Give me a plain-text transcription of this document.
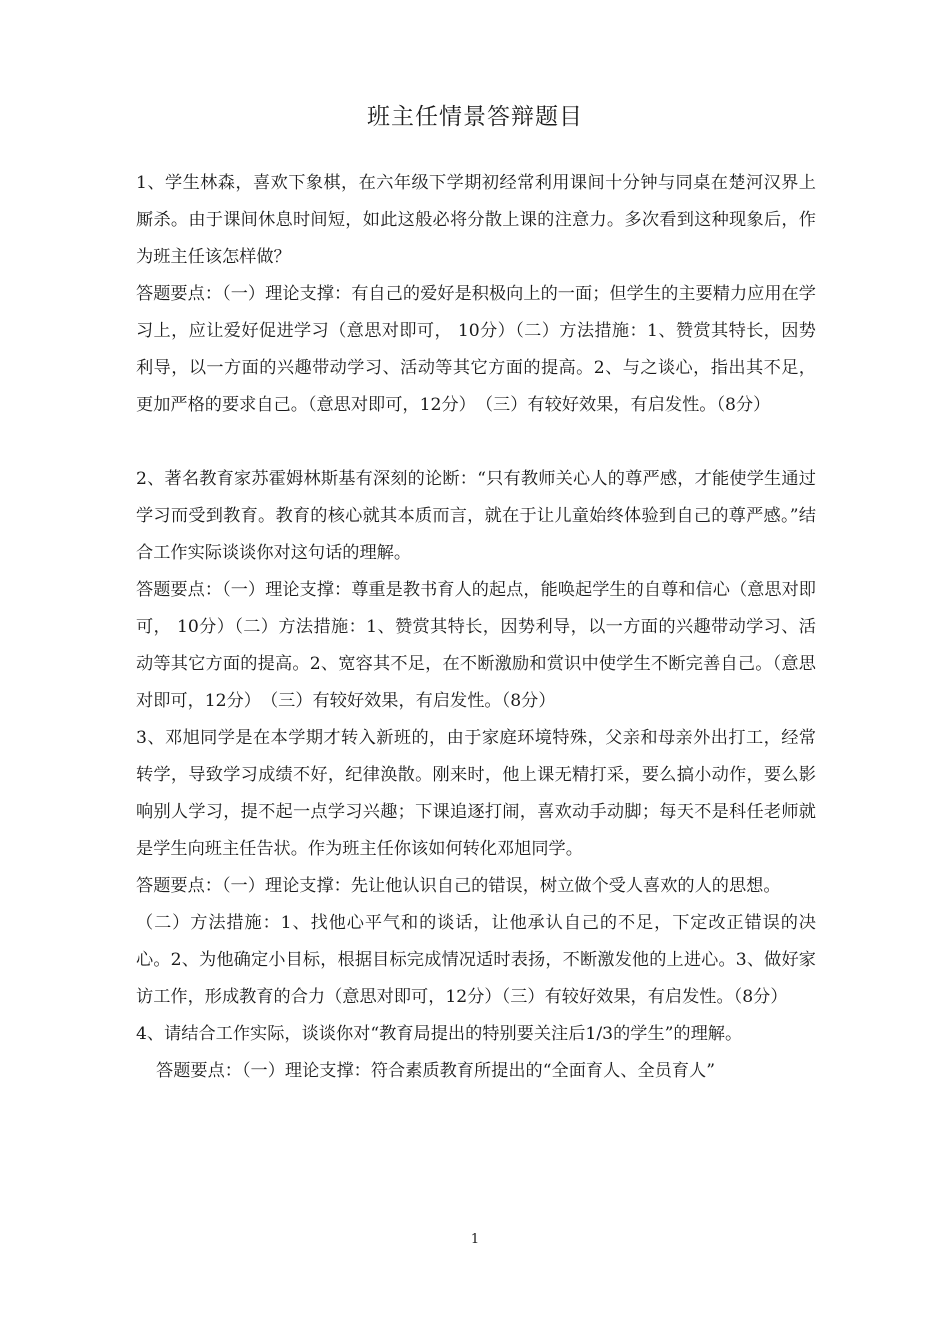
班主任情景答辩题目

1、学生林森，喜欢下象棋，在六年级下学期初经常利用课间十分钟与同桌在楚河汉界上厮杀。由于课间休息时间短，如此这般必将分散上课的注意力。多次看到这种现象后，作为班主任该怎样做？

答题要点：（一）理论支撑：有自己的爱好是积极向上的一面；但学生的主要精力应用在学习上，应让爱好促进学习（意思对即可， 10分）（二）方法措施：1、赞赏其特长，因势利导，以一方面的兴趣带动学习、活动等其它方面的提高。2、与之谈心，指出其不足，更加严格的要求自己。（意思对即可，12分）　（三）有较好效果，有启发性。（8分）

2、著名教育家苏霍姆林斯基有深刻的论断：“只有教师关心人的尊严感，才能使学生通过学习而受到教育。教育的核心就其本质而言，就在于让儿童始终体验到自己的尊严感。”结合工作实际谈谈你对这句话的理解。

答题要点：（一）理论支撑：尊重是教书育人的起点，能唤起学生的自尊和信心（意思对即可， 10分）（二）方法措施：1、赞赏其特长，因势利导，以一方面的兴趣带动学习、活动等其它方面的提高。2、宽容其不足，在不断激励和赏识中使学生不断完善自己。（意思对即可，12分）　（三）有较好效果，有启发性。（8分）

3、邓旭同学是在本学期才转入新班的，由于家庭环境特殊，父亲和母亲外出打工，经常转学，导致学习成绩不好，纪律涣散。刚来时，他上课无精打采，要么搞小动作，要么影响别人学习，提不起一点学习兴趣；下课追逐打闹，喜欢动手动脚；每天不是科任老师就是学生向班主任告状。作为班主任你该如何转化邓旭同学。

答题要点：（一）理论支撑：先让他认识自己的错误，树立做个受人喜欢的人的思想。

（二）方法措施：1、找他心平气和的谈话，让他承认自己的不足，下定改正错误的决心。2、为他确定小目标，根据目标完成情况适时表扬，不断激发他的上进心。3、做好家访工作，形成教育的合力（意思对即可，12分）（三）有较好效果，有启发性。（8分）

4、请结合工作实际，谈谈你对“教育局提出的特别要关注后1/3的学生”的理解。

答题要点：（一）理论支撑：符合素质教育所提出的“全面育人、全员育人”

1
